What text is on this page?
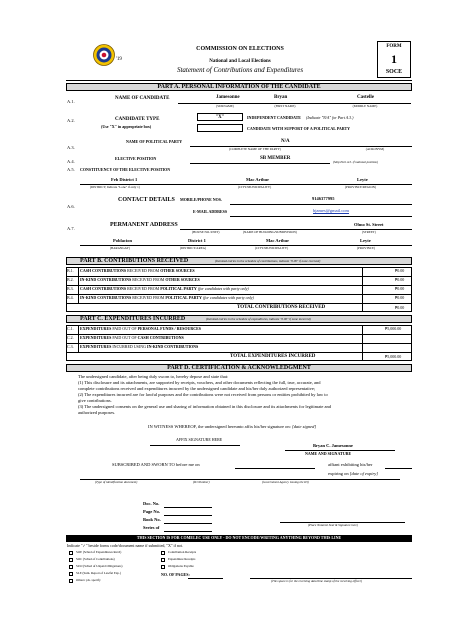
'19
COMMISSION ON ELECTIONS
National and Local Elections
Statement of Contributions and Expenditures
FORM
1
SOCE
PART A. PERSONAL INFORMATION OF THE CANDIDATE
A.1.
NAME OF CANDIDATE	Jamesonne	Bryan	Castelle
(SURNAME)	(FIRST NAME)	(MIDDLE NAME)
A.2.	CANDIDATE TYPE
(Use "X" in appropriate box)
"X"	INDEPENDENT CANDIDATE (Indicate "N/A" for Part A.3.)
CANDIDATE WITH SUPPORT OF A POLITICAL PARTY
A.3.
NAME OF POLITICAL PARTY	N/A
(COMPLETE NAME OF THE PARTY)	(ACRONYM)
A.4.
ELECTIVE POSITION	SB MEMBER
(Skip Part A.5. if national position)
A.5. CONSTITUENCY OF THE ELECTIVE POSITION
Feb District 1	Mac Arthur	Leyte
(DISTRICT; Indicate "Lone" if only 1)	(CITY/MUNICIPALITY)	(PROVINCE/REGION)
A.6.
CONTACT DETAILS MOBILE/PHONE NOS.	9146377995
E-MAIL ADDRESS	bjames@gmail.com
A.7.
PERMANENT ADDRESS	Olmo St. Street
(HOUSE NO./UNIT)	(NAME OF BUILDING/SUBDIVISION)	(STREET)
Poblacion	District 1	Mac Arthur	Leyte
(BARANGAY)	(DISTRICT/AREA)	(CITY/MUNICIPALITY)	(PROVINCE)
PART B. CONTRIBUTIONS RECEIVED	(Itemized entries in the schedule of contributions, indicate "0.00" if none received)
B.1. CASH CONTRIBUTIONS RECEIVED FROM OTHER SOURCES	₱0.00
B.2. IN-KIND CONTRIBUTIONS RECEIVED FROM OTHER SOURCES	₱0.00
B.3. CASH CONTRIBUTIONS RECEIVED FROM POLITICAL PARTY (for candidates with party only)	₱0.00
B.4. IN-KIND CONTRIBUTIONS RECEIVED FROM POLITICAL PARTY (for candidates with party only)	₱0.00
TOTAL CONTRIBUTIONS RECEIVED	₱0.00
PART C. EXPENDITURES INCURRED	(Itemized entries in the schedule of expenditures, indicate "0.00" if none incurred)
C.1. EXPENDITURES PAID OUT OF PERSONAL FUNDS / RESOURCES	₱5,000.00
C.2. EXPENDITURES PAID OUT OF CASH CONTRIBUTIONS
C.3. EXPENDITURES INCURRED USING IN-KIND CONTRIBUTIONS
TOTAL EXPENDITURES INCURRED	₱5,000.00
PART D. CERTIFICATION & ACKNOWLEDGMENT
The undersigned candidate, after being duly sworn to, hereby depose and state that:
(1) This disclosure and its attachments, are supported by receipts, vouchers, and other documents reflecting the full, true, accurate, and
complete contributions received and expenditures incurred by the undersigned candidate and his/her duly authorized representative;
(2) The expenditures incurred are for lawful purposes and the contributions were not received from persons or entities prohibited by law to
give contributions.
(3) The undersigned consents on the general use and sharing of information obtained in this disclosure and its attachments for legitimate and
authorized purposes.
IN WITNESS WHEREOF, the undersigned hereunto affix his/her signature on: [date signed]
AFFIX SIGNATURE HERE
Bryan C. Jamesonne
NAME AND SIGNATURE
SUBSCRIBED AND SWORN TO before me on	affiant exhibiting his/her
expiring on [date of expiry]
(Type of identification document)	(ID Number)	(Government Agency issuing the ID)
Doc. No.
Page No.
Book No.
Series of	(Place Notarial Seal & Signature here)
THIS SECTION IS FOR COMELEC USE ONLY - DO NOT ENCODE/WRITING ANYTHING BEYOND THIS LINE
Indicate "✓" beside forms code/document name if submitted, "X" if not.
SOE (Sched of Expenditures Revd)
SOC (Sched of Contributions)
SUO (Sched of Unpaid Obligations)
SLE (Sum. Report of Lawful Exp.)
Others: pls. specify
Contribution Receipts
Expenditure Receipts
Obligations Payable
NO. OF PAGES:
(This space is for the receiving date/time stamp of the receiving officer)
